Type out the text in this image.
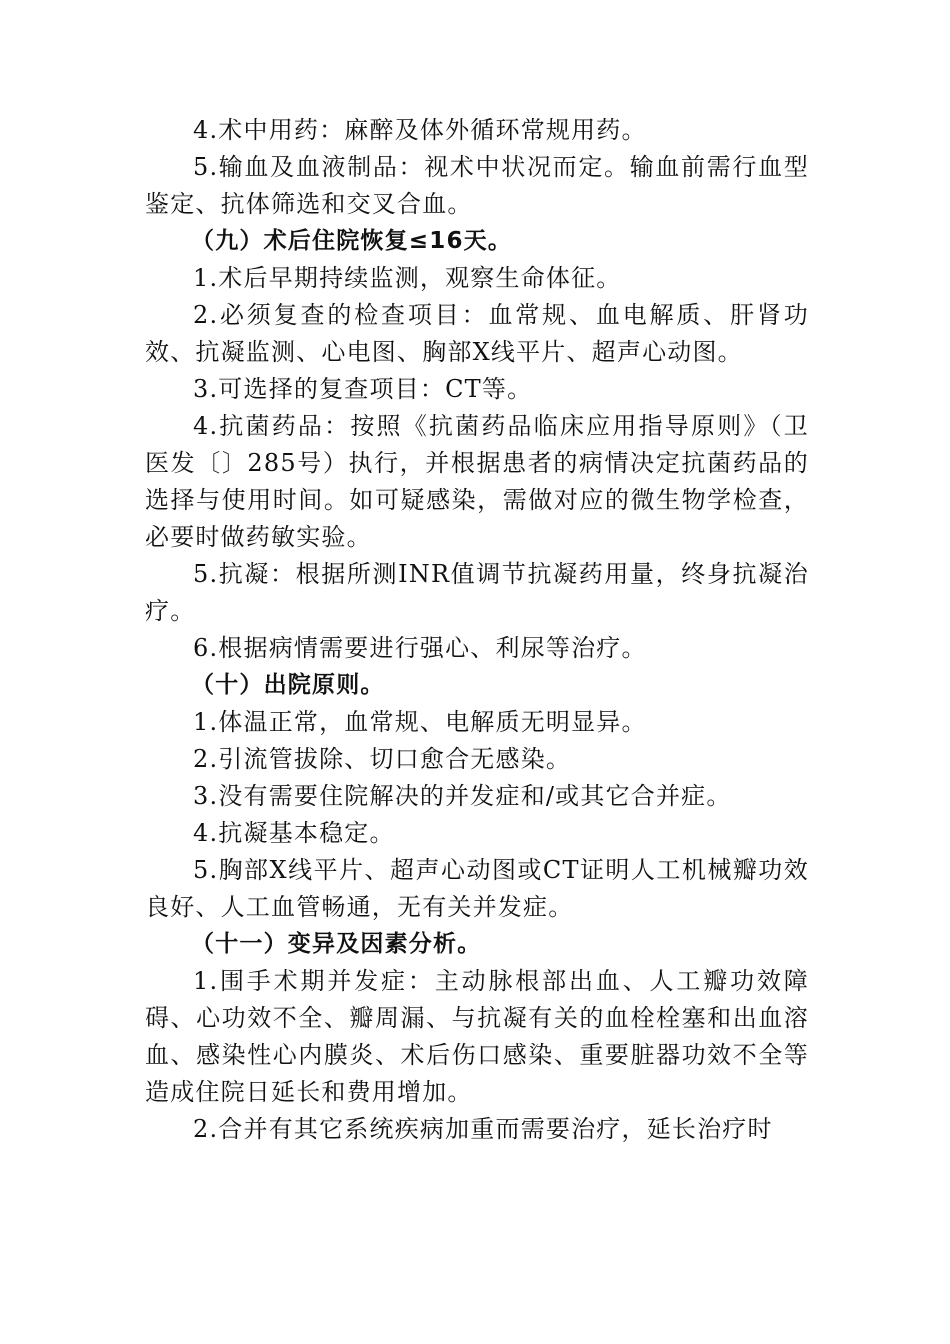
4.术中用药：麻醉及体外循环常规用药。

5.输血及血液制品：视术中状况而定。输血前需行血型鉴定、抗体筛选和交叉合血。

（九）术后住院恢复≤16天。

1.术后早期持续监测，观察生命体征。

2.必须复查的检查项目：血常规、血电解质、肝肾功效、抗凝监测、心电图、胸部X线平片、超声心动图。

3.可选择的复查项目：CT等。

4.抗菌药品：按照《抗菌药品临床应用指导原则》（卫医发〔〕285号）执行，并根据患者的病情决定抗菌药品的选择与使用时间。如可疑感染，需做对应的微生物学检查，必要时做药敏实验。

5.抗凝：根据所测INR值调节抗凝药用量，终身抗凝治疗。

6.根据病情需要进行强心、利尿等治疗。

（十）出院原则。

1.体温正常，血常规、电解质无明显异。

2.引流管拔除、切口愈合无感染。

3.没有需要住院解决的并发症和/或其它合并症。

4.抗凝基本稳定。

5.胸部X线平片、超声心动图或CT证明人工机械瓣功效良好、人工血管畅通，无有关并发症。

（十一）变异及因素分析。

1.围手术期并发症：主动脉根部出血、人工瓣功效障碍、心功效不全、瓣周漏、与抗凝有关的血栓栓塞和出血溶血、感染性心内膜炎、术后伤口感染、重要脏器功效不全等造成住院日延长和费用增加。

2.合并有其它系统疾病加重而需要治疗，延长治疗时
